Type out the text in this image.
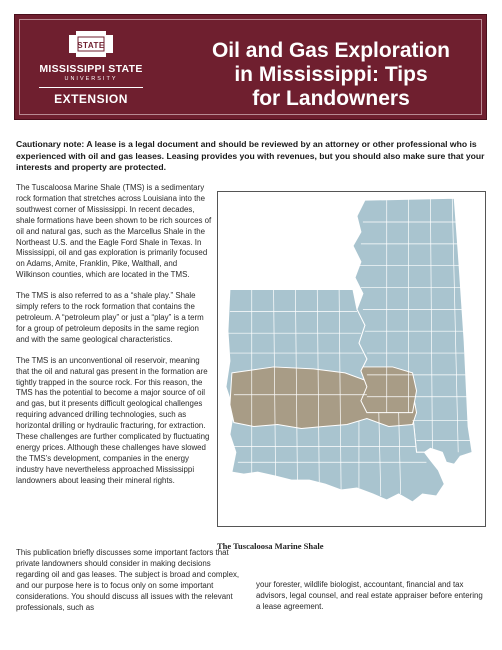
STATE
MISSISSIPPI STATE
UNIVERSITY
EXTENSION
Oil and Gas Exploration
in Mississippi: Tips
for Landowners
Cautionary note: A lease is a legal document and should be reviewed by an attorney or other professional who is experienced with oil and gas leases. Leasing provides you with revenues, but you should also make sure that your interests and property are protected.

The Tuscaloosa Marine Shale (TMS) is a sedimentary rock formation that stretches across Louisiana into the southwest corner of Mississippi. In recent decades, shale formations have been shown to be rich sources of oil and natural gas, such as the Marcellus Shale in the Northeast U.S. and the Eagle Ford Shale in Texas. In Mississippi, oil and gas exploration is primarily focused on Adams, Amite, Franklin, Pike, Walthall, and Wilkinson counties, which are located in the TMS.

The TMS is also referred to as a “shale play.” Shale simply refers to the rock formation that contains the petroleum. A “petroleum play” or just a “play” is a term for a group of petroleum deposits in the same region and with the same geological characteristics.

The TMS is an unconventional oil reservoir, meaning that the oil and natural gas present in the formation are tightly trapped in the source rock. For this reason, the TMS has the potential to become a major source of oil and gas, but it presents difficult geological challenges requiring advanced drilling technologies, such as horizontal drilling or hydraulic fracturing, for extraction. These challenges are further complicated by fluctuating energy prices. Although these challenges have slowed the TMS’s development, companies in the energy industry have nevertheless approached Mississippi landowners about leasing their mineral rights.

The Tuscaloosa Marine Shale
This publication briefly discusses some important factors that private landowners should consider in making decisions regarding oil and gas leases. The subject is broad and complex, and our purpose here is to focus only on some important considerations. You should discuss all issues with the relevant professionals, such as
your forester, wildlife biologist, accountant, financial and tax advisors, legal counsel, and real estate appraiser before entering a lease agreement.
